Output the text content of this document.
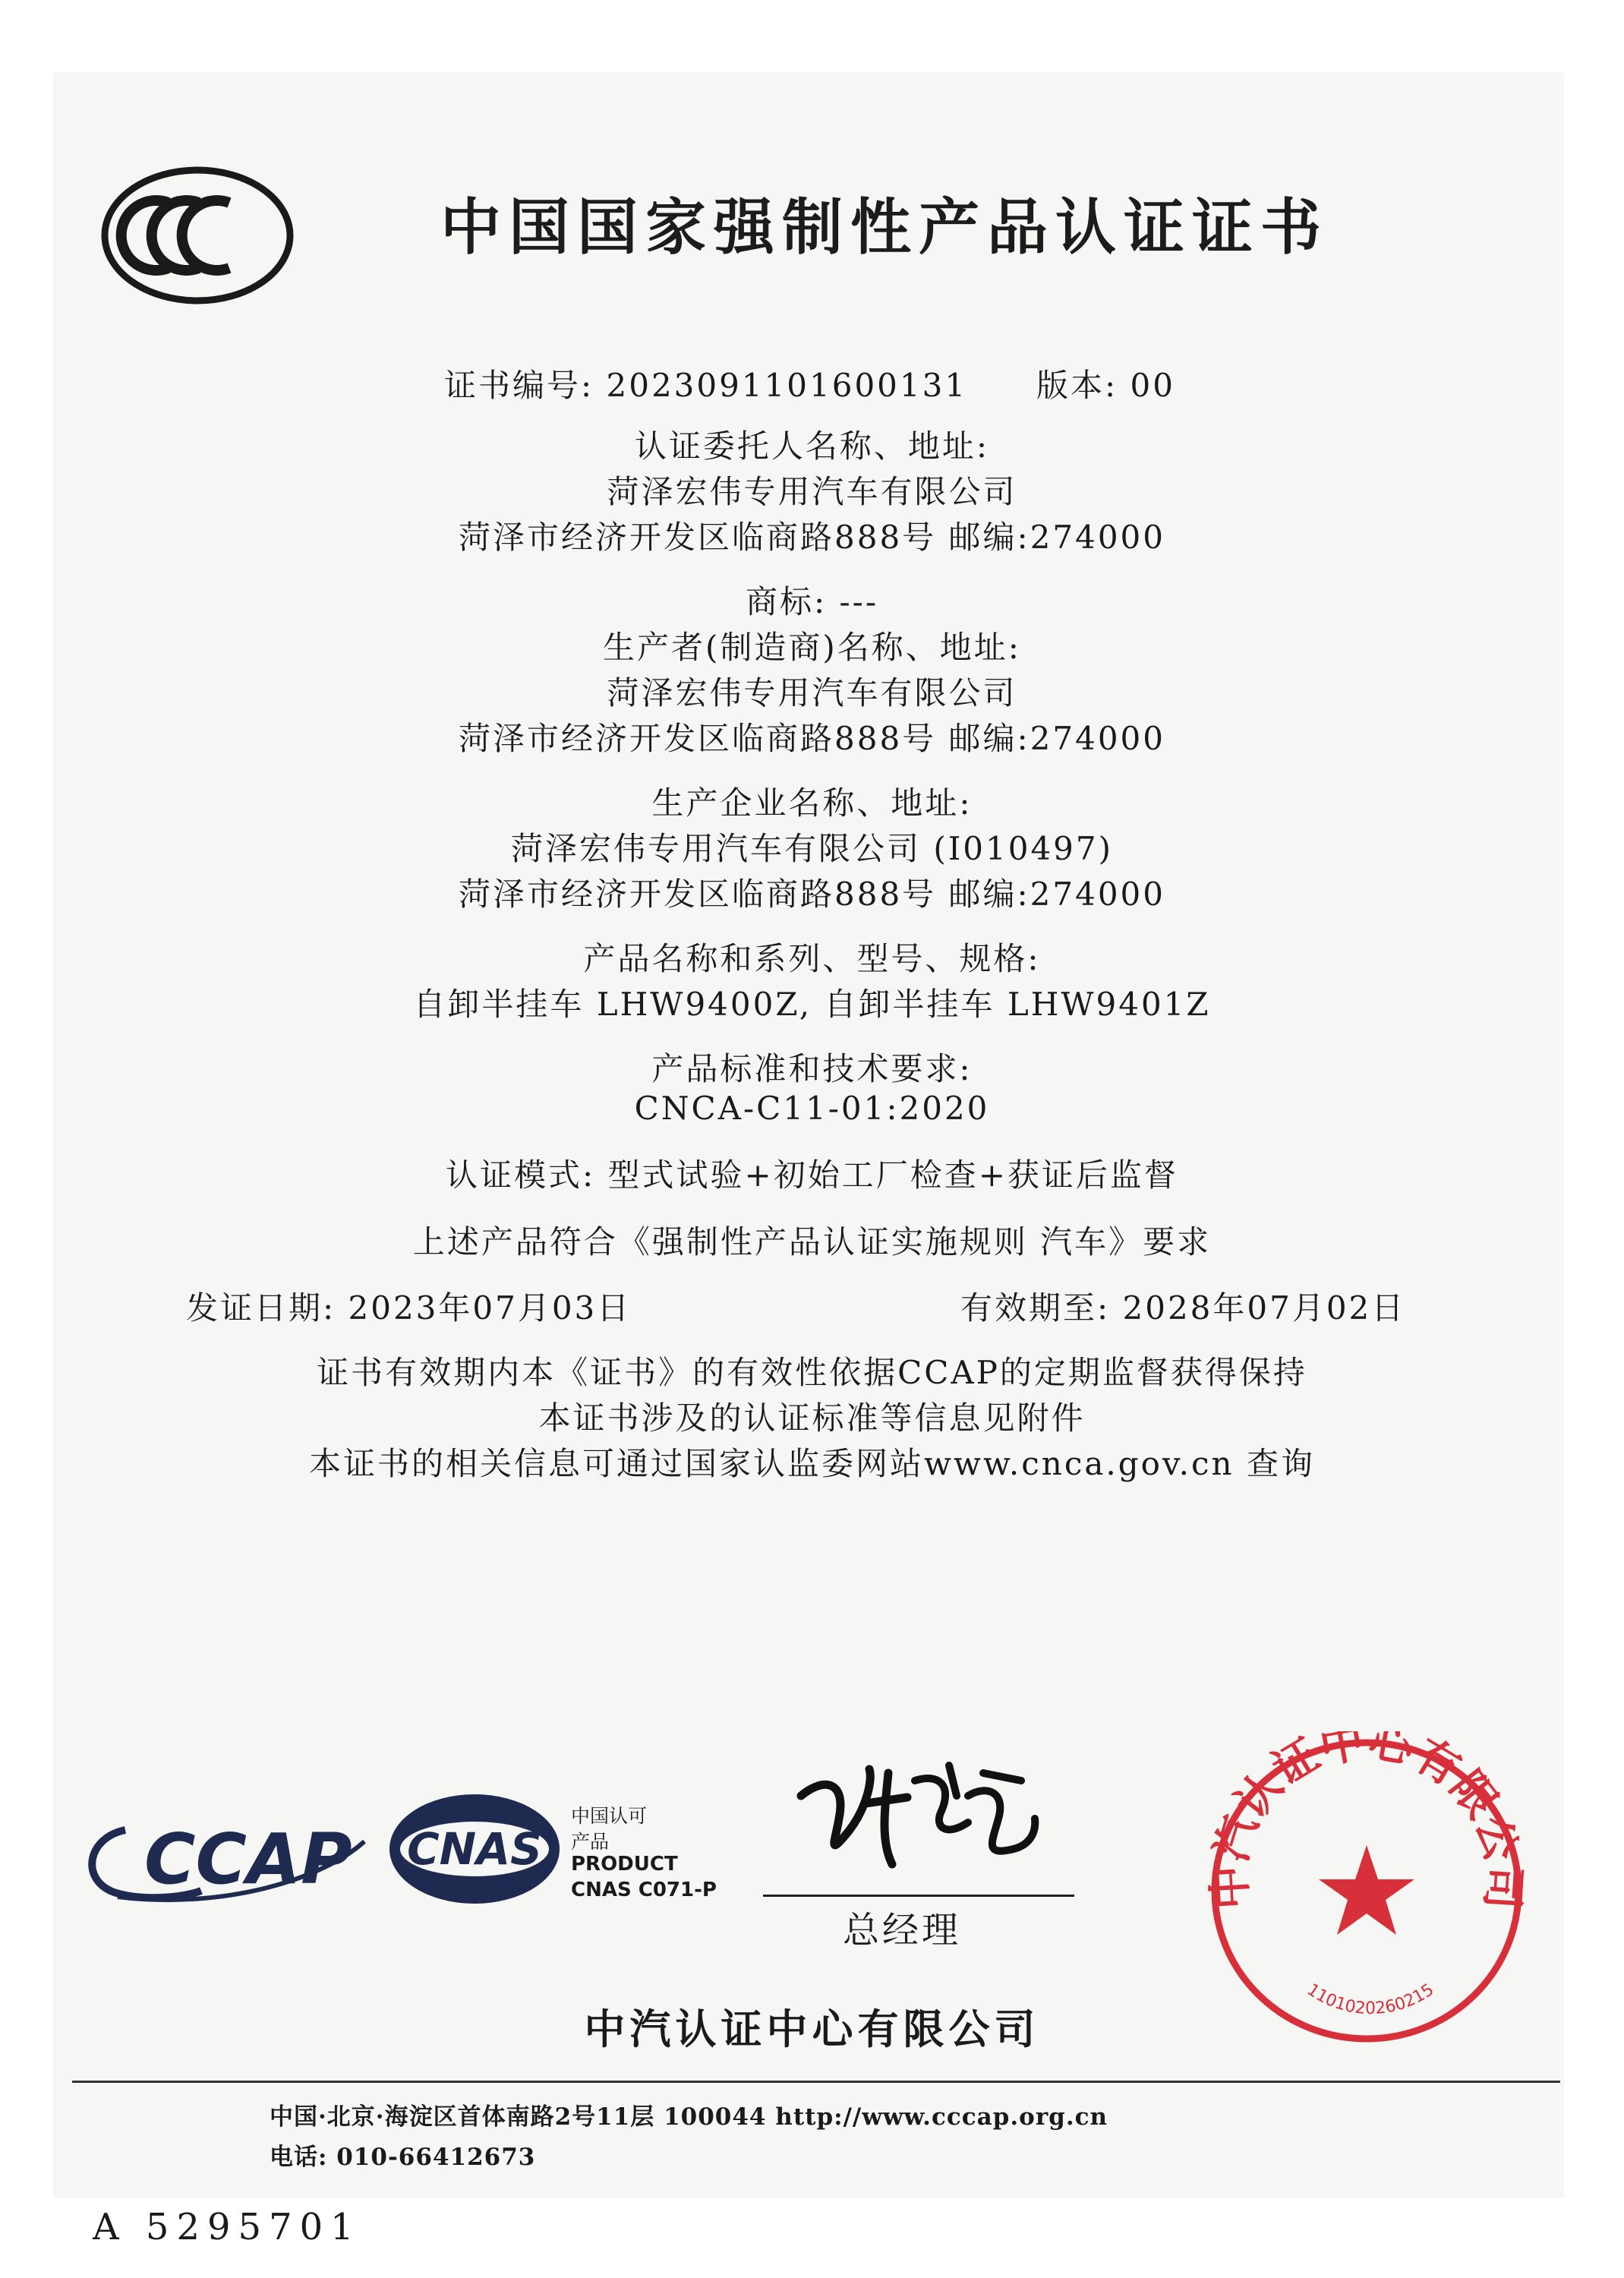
中国国家强制性产品认证证书
证书编号: 2023091101600131 版本: 00
认证委托人名称、地址:
菏泽宏伟专用汽车有限公司
菏泽市经济开发区临商路888号 邮编:274000
商标: ---
生产者(制造商)名称、地址:
菏泽宏伟专用汽车有限公司
菏泽市经济开发区临商路888号 邮编:274000
生产企业名称、地址:
菏泽宏伟专用汽车有限公司 (I010497)
菏泽市经济开发区临商路888号 邮编:274000
产品名称和系列、型号、规格:
自卸半挂车 LHW9400Z, 自卸半挂车 LHW9401Z
产品标准和技术要求:
CNCA-C11-01:2020
认证模式: 型式试验+初始工厂检查+获证后监督
上述产品符合《强制性产品认证实施规则 汽车》要求
发证日期: 2023年07月03日	有效期至: 2028年07月02日
证书有效期内本《证书》的有效性依据CCAP的定期监督获得保持
本证书涉及的认证标准等信息见附件
本证书的相关信息可通过国家认监委网站www.cnca.gov.cn 查询
CCAP CNAS
中国认可
产品
PRODUCT
CNAS C071-P
总经理
中汽认证中心有限公司
1101020260215
中汽认证中心有限公司
中国·北京·海淀区首体南路2号11层 100044 http://www.cccap.org.cn
电话: 010-66412673
A 5295701
